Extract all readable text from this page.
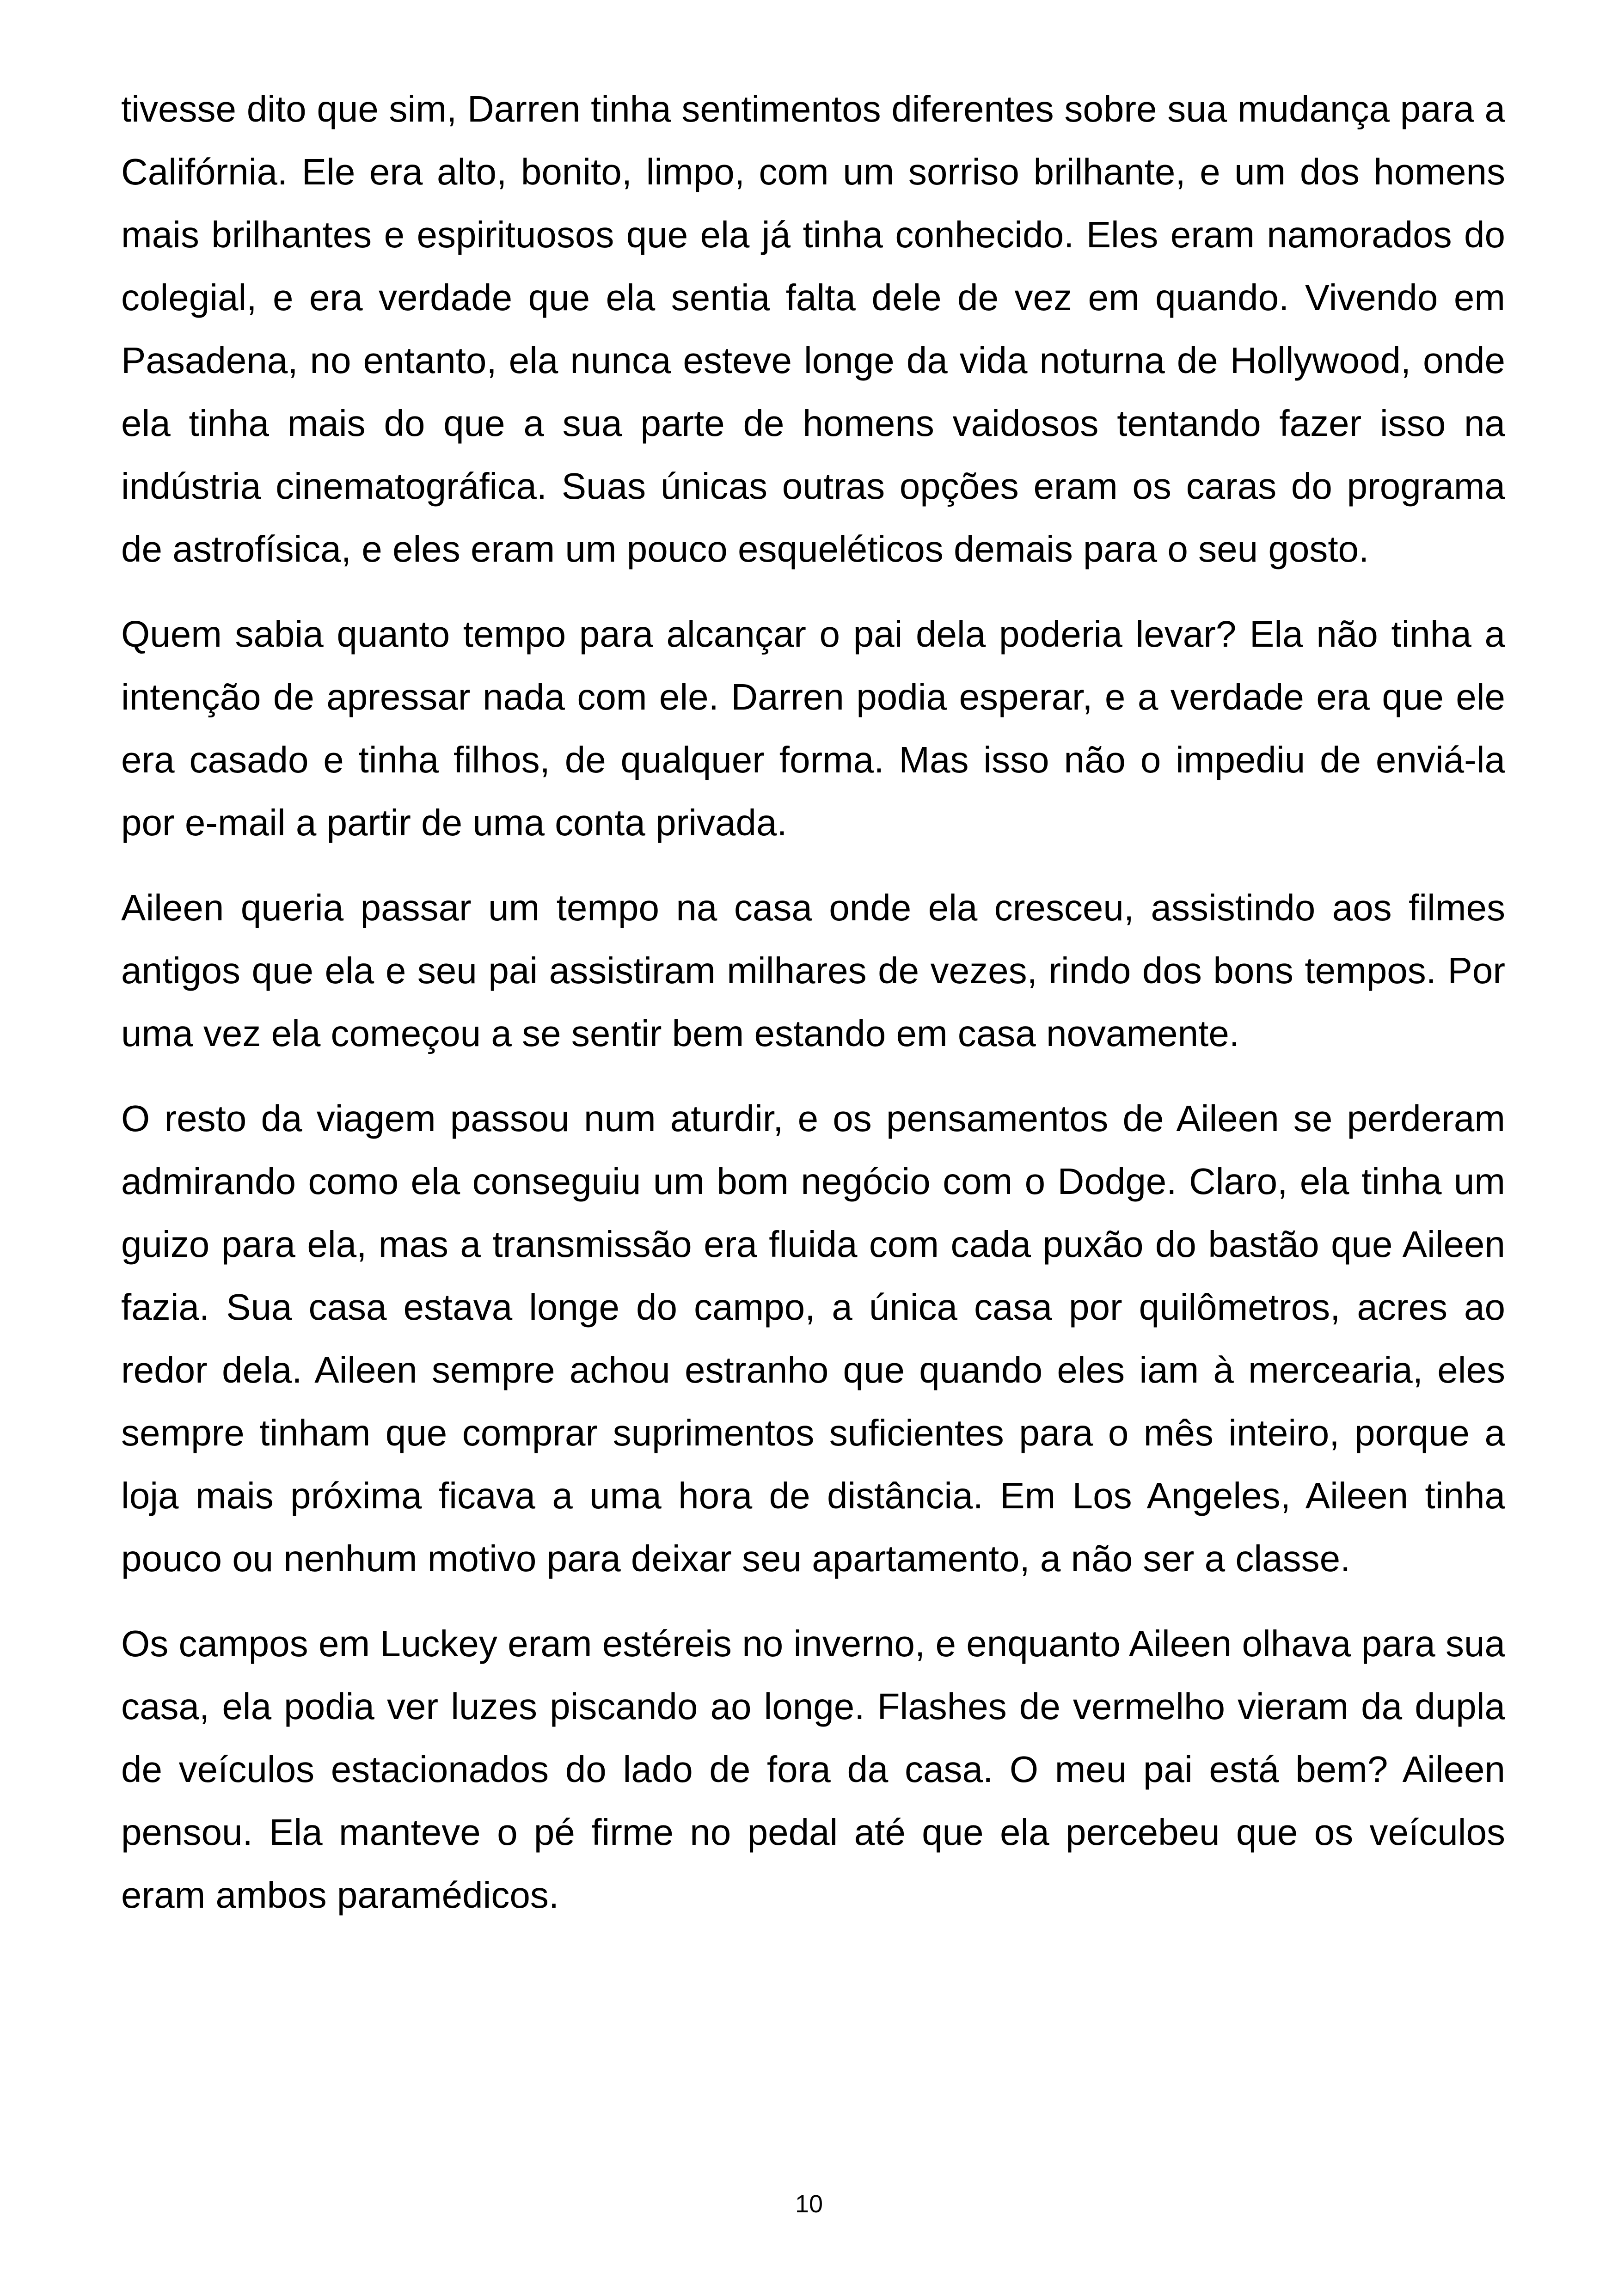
tivesse dito que sim, Darren tinha sentimentos diferentes sobre sua mudança para a Califórnia. Ele era alto, bonito, limpo, com um sorriso brilhante, e um dos homens mais brilhantes e espirituosos que ela já tinha conhecido. Eles eram namorados do colegial, e era verdade que ela sentia falta dele de vez em quando. Vivendo em Pasadena, no entanto, ela nunca esteve longe da vida noturna de Hollywood, onde ela tinha mais do que a sua parte de homens vaidosos tentando fazer isso na indústria cinematográfica. Suas únicas outras opções eram os caras do programa de astrofísica, e eles eram um pouco esqueléticos demais para o seu gosto.

Quem sabia quanto tempo para alcançar o pai dela poderia levar? Ela não tinha a intenção de apressar nada com ele. Darren podia esperar, e a verdade era que ele era casado e tinha filhos, de qualquer forma. Mas isso não o impediu de enviá-la por e-mail a partir de uma conta privada.

Aileen queria passar um tempo na casa onde ela cresceu, assistindo aos filmes antigos que ela e seu pai assistiram milhares de vezes, rindo dos bons tempos. Por uma vez ela começou a se sentir bem estando em casa novamente.

O resto da viagem passou num aturdir, e os pensamentos de Aileen se perderam admirando como ela conseguiu um bom negócio com o Dodge. Claro, ela tinha um guizo para ela, mas a transmissão era fluida com cada puxão do bastão que Aileen fazia. Sua casa estava longe do campo, a única casa por quilômetros, acres ao redor dela. Aileen sempre achou estranho que quando eles iam à mercearia, eles sempre tinham que comprar suprimentos suficientes para o mês inteiro, porque a loja mais próxima ficava a uma hora de distância. Em Los Angeles, Aileen tinha pouco ou nenhum motivo para deixar seu apartamento, a não ser a classe.

Os campos em Luckey eram estéreis no inverno, e enquanto Aileen olhava para sua casa, ela podia ver luzes piscando ao longe. Flashes de vermelho vieram da dupla de veículos estacionados do lado de fora da casa. O meu pai está bem? Aileen pensou. Ela manteve o pé firme no pedal até que ela percebeu que os veículos eram ambos paramédicos.

10
